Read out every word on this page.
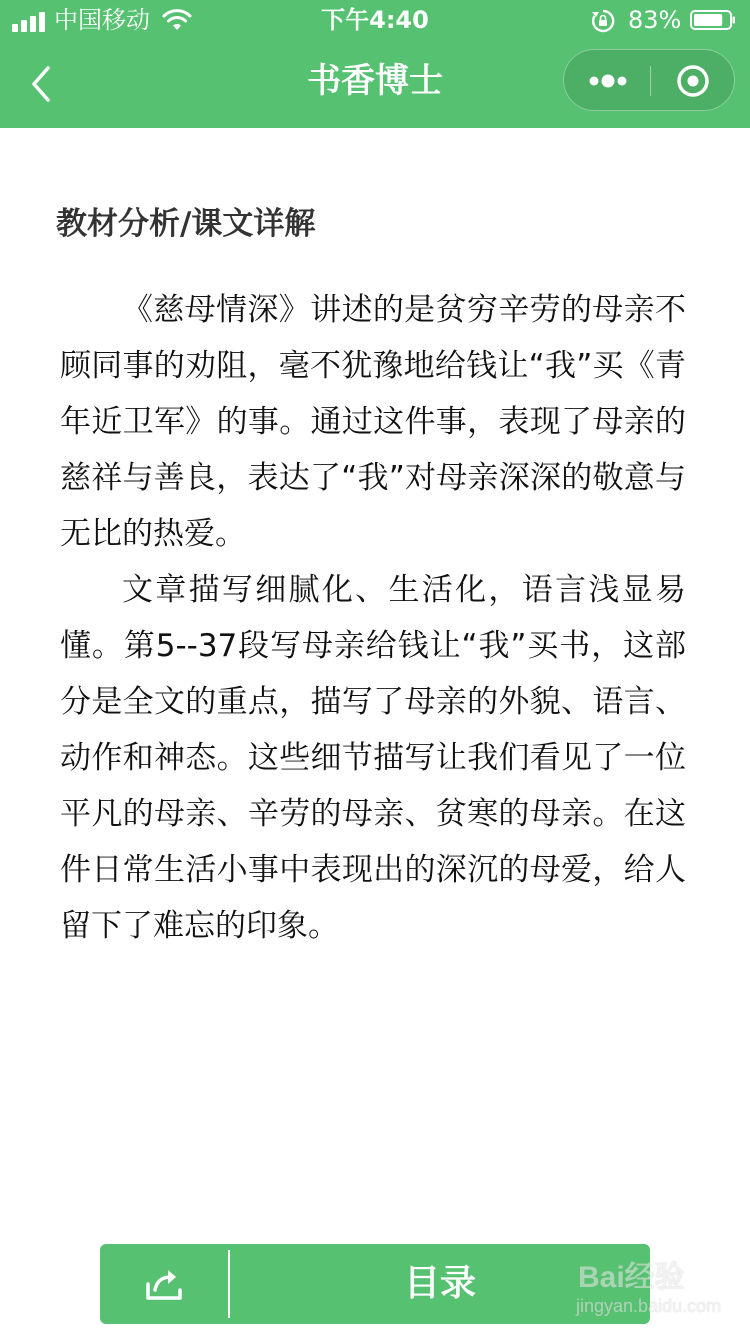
中国移动	下午4:40	83%
书香博士
教材分析/课文详解

《慈母情深》讲述的是贫穷辛劳的母亲不顾同事的劝阻，毫不犹豫地给钱让“我”买《青年近卫军》的事。通过这件事，表现了母亲的慈祥与善良，表达了“我”对母亲深深的敬意与无比的热爱。

文章描写细腻化、生活化，语言浅显易懂。第5--37段写母亲给钱让“我”买书，这部分是全文的重点，描写了母亲的外貌、语言、动作和神态。这些细节描写让我们看见了一位平凡的母亲、辛劳的母亲、贫寒的母亲。在这件日常生活小事中表现出的深沉的母爱，给人留下了难忘的印象。

目录	Bai经验
jingyan.baidu.com
